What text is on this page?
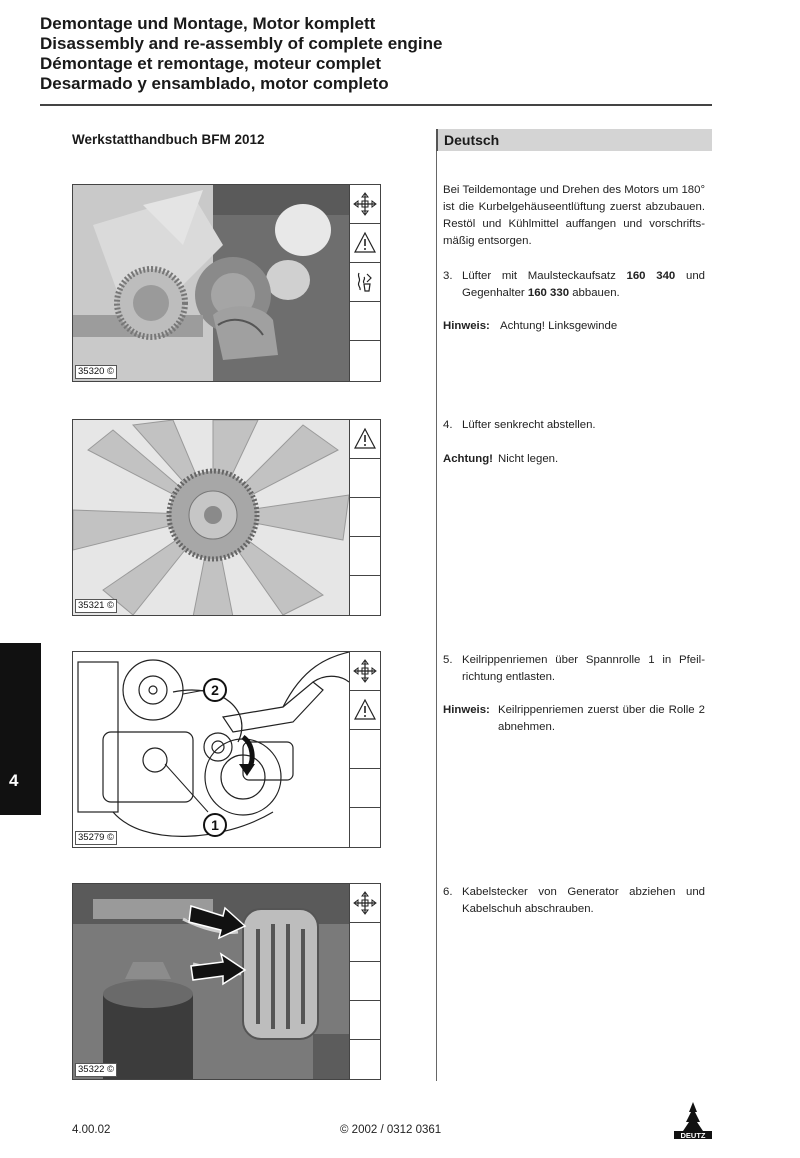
Demontage und Montage, Motor komplett
Disassembly and re-assembly of complete engine
Démontage et remontage, moteur complet
Desarmado y ensamblado, motor completo
Werkstatthandbuch BFM 2012	Deutsch
4
35320 ©
35321 ©
2
1
35279 ©
35322 ©
Bei Teildemontage und Drehen des Motors um 180° ist die Kurbelgehäuseentlüftung zuerst abzubauen. Restöl und Kühlmittel auffangen und vorschriftsmäßig entsorgen.
3. Lüfter mit Maulsteckaufsatz 160 340 und Gegenhalter 160 330 abbauen.
Hinweis: Achtung! Linksgewinde
4. Lüfter senkrecht abstellen.
Achtung! Nicht legen.
5. Keilrippenriemen über Spannrolle 1 in Pfeilrichtung entlasten.
Hinweis: Keilrippenriemen zuerst über die Rolle 2 abnehmen.
6. Kabelstecker von Generator abziehen und Kabelschuh abschrauben.
4.00.02	© 2002 / 0312 0361	DEUTZ
